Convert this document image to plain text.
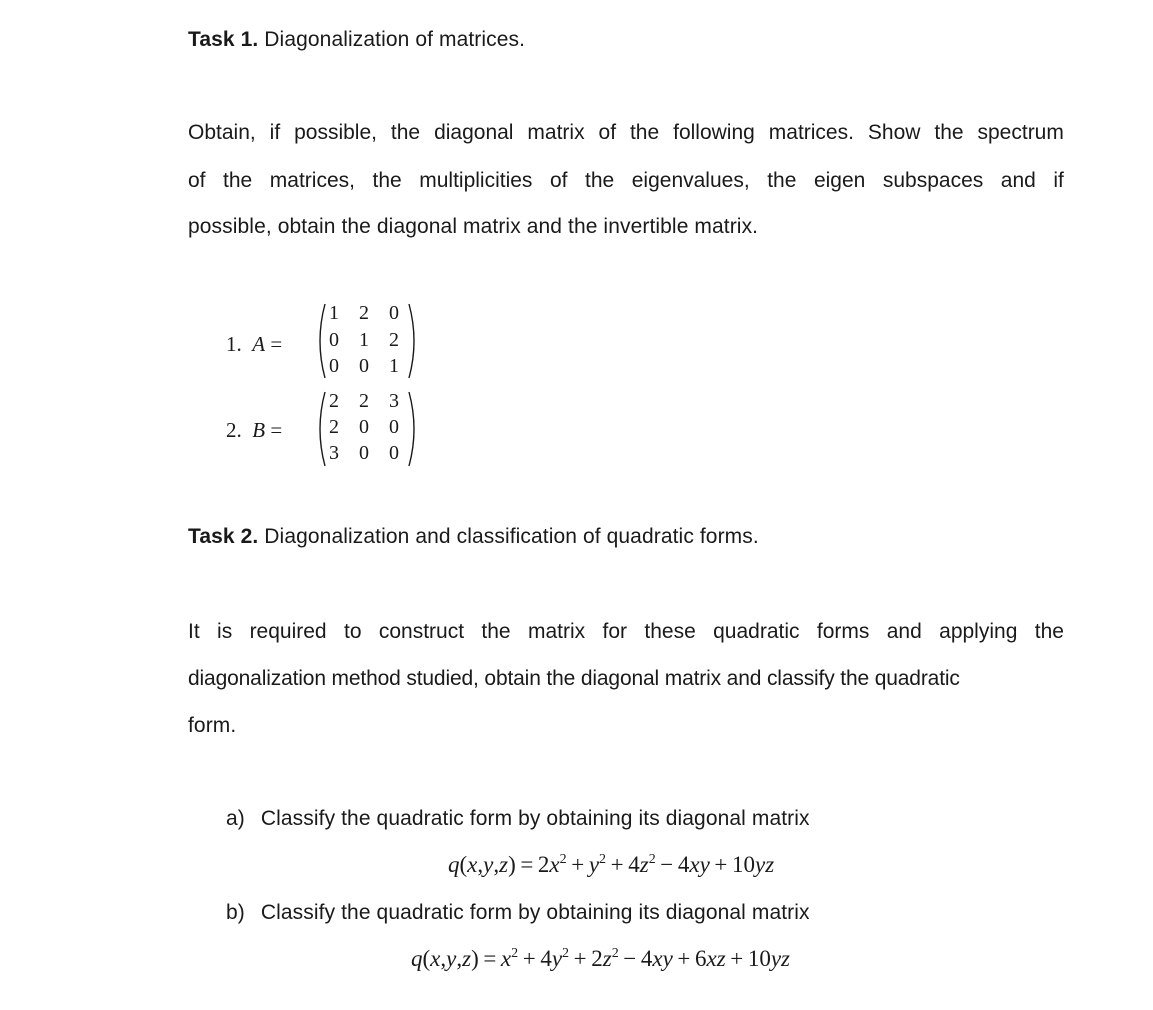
Task 1. Diagonalization of matrices.
Obtain, if possible, the diagonal matrix of the following matrices. Show the spectrum
of the matrices, the multiplicities of the eigenvalues, the eigen subspaces and if
possible, obtain the diagonal matrix and the invertible matrix.
1. A =
1	2	0
0	1	2
0	0	1
2. B =
2	2	3
2	0	0
3	0	0
Task 2. Diagonalization and classification of quadratic forms.
It is required to construct the matrix for these quadratic forms and applying the
diagonalization method studied, obtain the diagonal matrix and classify the quadratic
form.
a) Classify the quadratic form by obtaining its diagonal matrix
$q(x,y,z) = 2x^2 + y^2 + 4z^2 - 4xy + 10yz$
b) Classify the quadratic form by obtaining its diagonal matrix
$q(x,y,z) = x^2 + 4y^2 + 2z^2 - 4xy + 6xz + 10yz$
